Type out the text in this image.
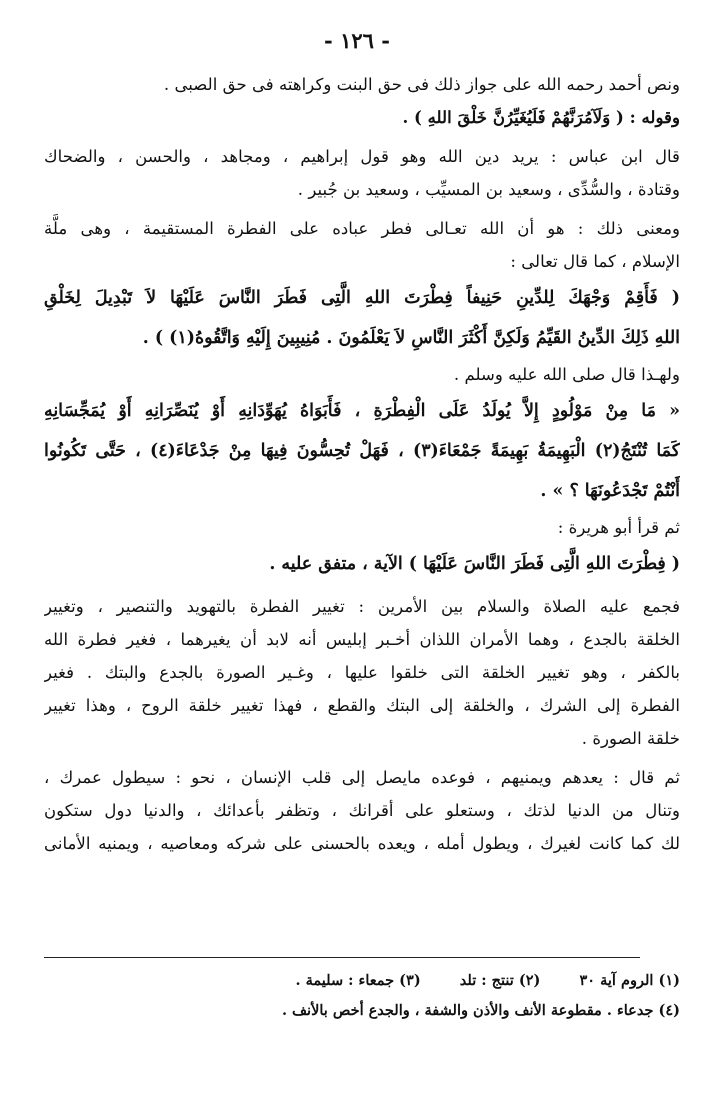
- ١٢٦ -
ونص أحمد رحمه الله على جواز ذلك فى حق البنت وكراهته فى حق الصبى .
وقوله : ( وَلَآمُرَنَّهُمْ فَلَيُغَيِّرُنَّ خَلْقَ اللهِ ) .
قال ابن عباس : يريد دين الله وهو قول إبراهيم ، ومجاهد ، والحسن ، والضحاك
وقتادة ، والسُّدِّى ، وسعيد بن المسيِّب ، وسعيد بن جُبير .
ومعنى ذلك : هو أن الله تعـالى فطر عباده على الفطرة المستقيمة ، وهى ملَّة
الإسلام ، كما قال تعالى :
( فَأَقِمْ وَجْهَكَ لِلدِّينِ حَنِيفاً فِطْرَتَ اللهِ الَّتِى فَطَرَ النَّاسَ عَلَيْهَا لاَ تَبْدِيلَ لِخَلْقِ
اللهِ ذَلِكَ الدِّينُ القَيِّمُ وَلَكِنَّ أَكْثَرَ النَّاسِ لاَ يَعْلَمُونَ . مُنِيبِينَ إِلَيْهِ وَاتَّقُوهُ(١) ) .
ولهـذا قال صلى الله عليه وسلم .
« مَا مِنْ مَوْلُودٍ إِلاَّ يُولَدُ عَلَى الْفِطْرَةِ ، فَأَبَوَاهُ يُهَوِّدَانِهِ أَوْ يُنَصِّرَانِهِ أَوْ يُمَجِّسَانِهِ
كَمَا تُنْتَجُ(٢) الْبَهِيمَةُ بَهِيمَةً جَمْعَاءَ(٣) ، فَهَلْ تُحِسُّونَ فِيهَا مِنْ جَدْعَاءَ(٤) ، حَتَّى تَكُونُوا
أَنْتُمْ تَجْدَعُونَهَا ؟ » .
ثم قرأ أبو هريرة :
( فِطْرَتَ اللهِ الَّتِى فَطَرَ النَّاسَ عَلَيْهَا ) الآية ، متفق عليه .
فجمع عليه الصلاة والسلام بين الأمرين : تغيير الفطرة بالتهويد والتنصير ، وتغيير
الخلقة بالجدع ، وهما الأمران اللذان أخـبر إبليس أنه لابد أن يغيرهما ، فغير فطرة الله
بالكفر ، وهو تغيير الخلقة التى خلقوا عليها ، وغـير الصورة بالجدع والبتك . فغير
الفطرة إلى الشرك ، والخلقة إلى البتك والقطع ، فهذا تغيير خلقة الروح ، وهذا تغيير
خلقة الصورة .
ثم قال : يعدهم ويمنيهم ، فوعده مايصل إلى قلب الإنسان ، نحو : سيطول عمرك ،
وتنال من الدنيا لذتك ، وستعلو على أقرانك ، وتظفر بأعدائك ، والدنيا دول ستكون
لك كما كانت لغيرك ، ويطول أمله ، ويعده بالحسنى على شركه ومعاصيه ، ويمنيه الأمانى
(١) الروم آية ٣٠ (٢) تنتج : تلد (٣) جمعاء : سليمة .
(٤) جدعاء . مقطوعة الأنف والأذن والشفة ، والجدع أخص بالأنف .
